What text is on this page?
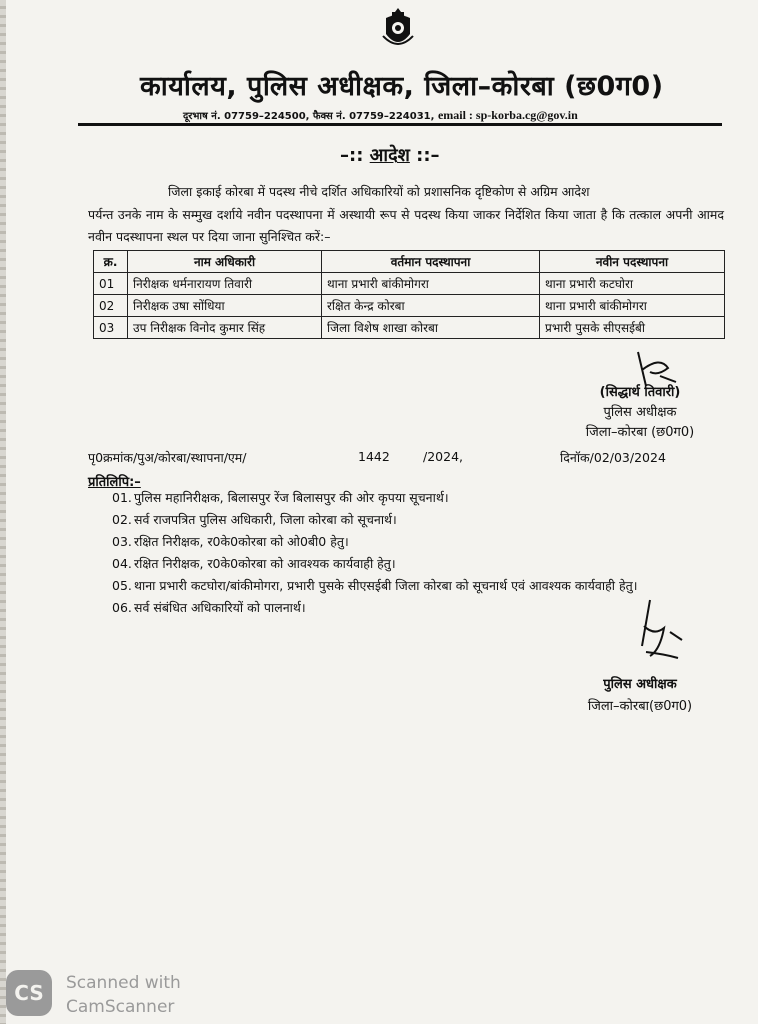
कार्यालय, पुलिस अधीक्षक, जिला–कोरबा (छ0ग0)
दूरभाष नं. 07759–224500, फैक्स नं. 07759–224031, email : sp-korba.cg@gov.in
–:: आदेश ::–
जिला इकाई कोरबा में पदस्थ नीचे दर्शित अधिकारियों को प्रशासनिक दृष्टिकोण से अग्रिम आदेश
पर्यन्त उनके नाम के सम्मुख दर्शाये नवीन पदस्थापना में अस्थायी रूप से पदस्थ किया जाकर निर्देशित किया जाता है कि तत्काल अपनी आमद नवीन पदस्थापना स्थल पर दिया जाना सुनिश्चित करें:–
क्र.	नाम अधिकारी	वर्तमान पदस्थापना	नवीन पदस्थापना
01	निरीक्षक धर्मनारायण तिवारी	थाना प्रभारी बांकीमोगरा	थाना प्रभारी कटघोरा
02	निरीक्षक उषा सोंधिया	रक्षित केन्द्र कोरबा	थाना प्रभारी बांकीमोगरा
03	उप निरीक्षक विनोद कुमार सिंह	जिला विशेष शाखा कोरबा	प्रभारी पुसके सीएसईबी
(सिद्धार्थ तिवारी)
पुलिस अधीक्षक
जिला–कोरबा (छ0ग0)
पृ0क्रमांक/पुअ/कोरबा/स्थापना/एम/	1442	/2024,	दिनॉक/02/03/2024
प्रतिलिपि:–
01. पुलिस महानिरीक्षक, बिलासपुर रेंज बिलासपुर की ओर कृपया सूचनार्थ।
02. सर्व राजपत्रित पुलिस अधिकारी, जिला कोरबा को सूचनार्थ।
03. रक्षित निरीक्षक, र0के0कोरबा को ओ0बी0 हेतु।
04. रक्षित निरीक्षक, र0के0कोरबा को आवश्यक कार्यवाही हेतु।
05. थाना प्रभारी कटघोरा/बांकीमोगरा, प्रभारी पुसके सीएसईबी जिला कोरबा को सूचनार्थ एवं आवश्यक कार्यवाही हेतु।
06. सर्व संबंधित अधिकारियों को पालनार्थ।
पुलिस अधीक्षक
जिला–कोरबा(छ0ग0)
CS	Scanned with
CamScanner
